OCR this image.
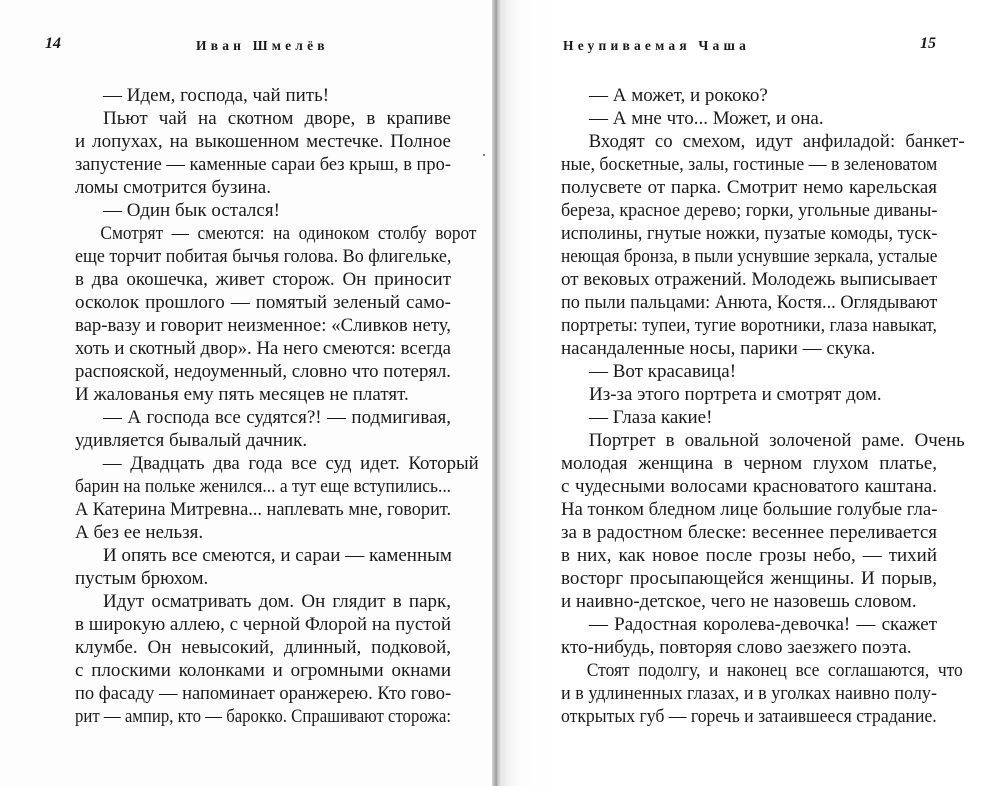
14	Иван Шмелёв
— Идем, господа, чай пить!
Пьют чай на скотном дворе, в крапиве
и лопухах, на выкошенном местечке. Полное
запустение — каменные сараи без крыш, в про-
ломы смотрится бузина.
— Один бык остался!
Смотрят — смеются: на одиноком столбу ворот
еще торчит побитая бычья голова. Во флигельке,
в два окошечка, живет сторож. Он приносит
осколок прошлого — помятый зеленый само-
вар-вазу и говорит неизменное: «Сливков нету,
хоть и скотный двор». На него смеются: всегда
распояской, недоуменный, словно что потерял.
И жалованья ему пять месяцев не платят.
— А господа все судятся?! — подмигивая,
удивляется бывалый дачник.
— Двадцать два года все суд идет. Который
барин на польке женился... а тут еще вступились...
А Катерина Митревна... наплевать мне, говорит.
А без ее нельзя.
И опять все смеются, и сараи — каменным
пустым брюхом.
Идут осматривать дом. Он глядит в парк,
в широкую аллею, с черной Флорой на пустой
клумбе. Он невысокий, длинный, подковой,
с плоскими колонками и огромными окнами
по фасаду — напоминает оранжерею. Кто гово-
рит — ампир, кто — барокко. Спрашивают сторожа:
Неупиваемая Чаша	15
— А может, и рококо?
— А мне что... Может, и она.
Входят со смехом, идут анфиладой: банкет-
ные, боскетные, залы, гостиные — в зеленоватом
полусвете от парка. Смотрит немо карельская
береза, красное дерево; горки, угольные диваны-
исполины, гнутые ножки, пузатые комоды, туск-
неющая бронза, в пыли уснувшие зеркала, усталые
от вековых отражений. Молодежь выписывает
по пыли пальцами: Анюта, Костя... Оглядывают
портреты: тупеи, тугие воротники, глаза навыкат,
насандаленные носы, парики — скука.
— Вот красавица!
Из-за этого портрета и смотрят дом.
— Глаза какие!
Портрет в овальной золоченой раме. Очень
молодая женщина в черном глухом платье,
с чудесными волосами красноватого каштана.
На тонком бледном лице большие голубые гла-
за в радостном блеске: весеннее переливается
в них, как новое после грозы небо, — тихий
восторг просыпающейся женщины. И порыв,
и наивно-детское, чего не назовешь словом.
— Радостная королева-девочка! — скажет
кто-нибудь, повторяя слово заезжего поэта.
Стоят подолгу, и наконец все соглашаются, что
и в удлиненных глазах, и в уголках наивно полу-
открытых губ — горечь и затаившееся страдание.
